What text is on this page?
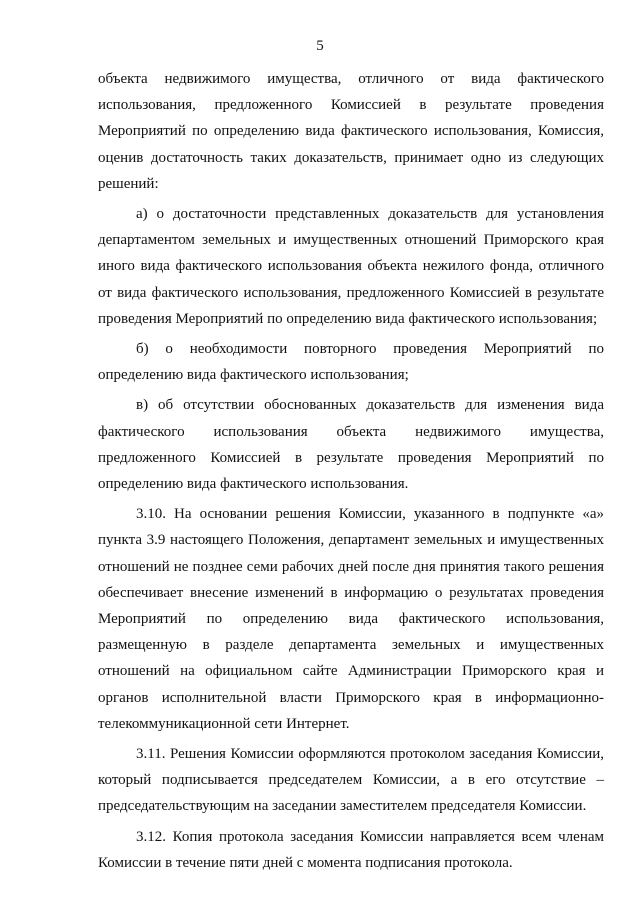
5
объекта недвижимого имущества, отличного от вида фактического
использования, предложенного Комиссией в результате проведения
Мероприятий по определению вида фактического использования, Комиссия,
оценив достаточность таких доказательств, принимает одно из следующих
решений:
а) о достаточности представленных доказательств для установления
департаментом земельных и имущественных отношений Приморского края
иного вида фактического использования объекта нежилого фонда, отличного
от вида фактического использования, предложенного Комиссией в результате
проведения Мероприятий по определению вида фактического использования;
б) о необходимости повторного проведения Мероприятий по
определению вида фактического использования;
в) об отсутствии обоснованных доказательств для изменения вида
фактического использования объекта недвижимого имущества,
предложенного Комиссией в результате проведения Мероприятий по
определению вида фактического использования.
3.10. На основании решения Комиссии, указанного в подпункте «а»
пункта 3.9 настоящего Положения, департамент земельных и имущественных
отношений не позднее семи рабочих дней после дня принятия такого решения
обеспечивает внесение изменений в информацию о результатах проведения
Мероприятий по определению вида фактического использования,
размещенную в разделе департамента земельных и имущественных
отношений на официальном сайте Администрации Приморского края и
органов исполнительной власти Приморского края в информационно-
телекоммуникационной сети Интернет.
3.11. Решения Комиссии оформляются протоколом заседания Комиссии,
который подписывается председателем Комиссии, а в его отсутствие –
председательствующим на заседании заместителем председателя Комиссии.
3.12. Копия протокола заседания Комиссии направляется всем членам
Комиссии в течение пяти дней с момента подписания протокола.
